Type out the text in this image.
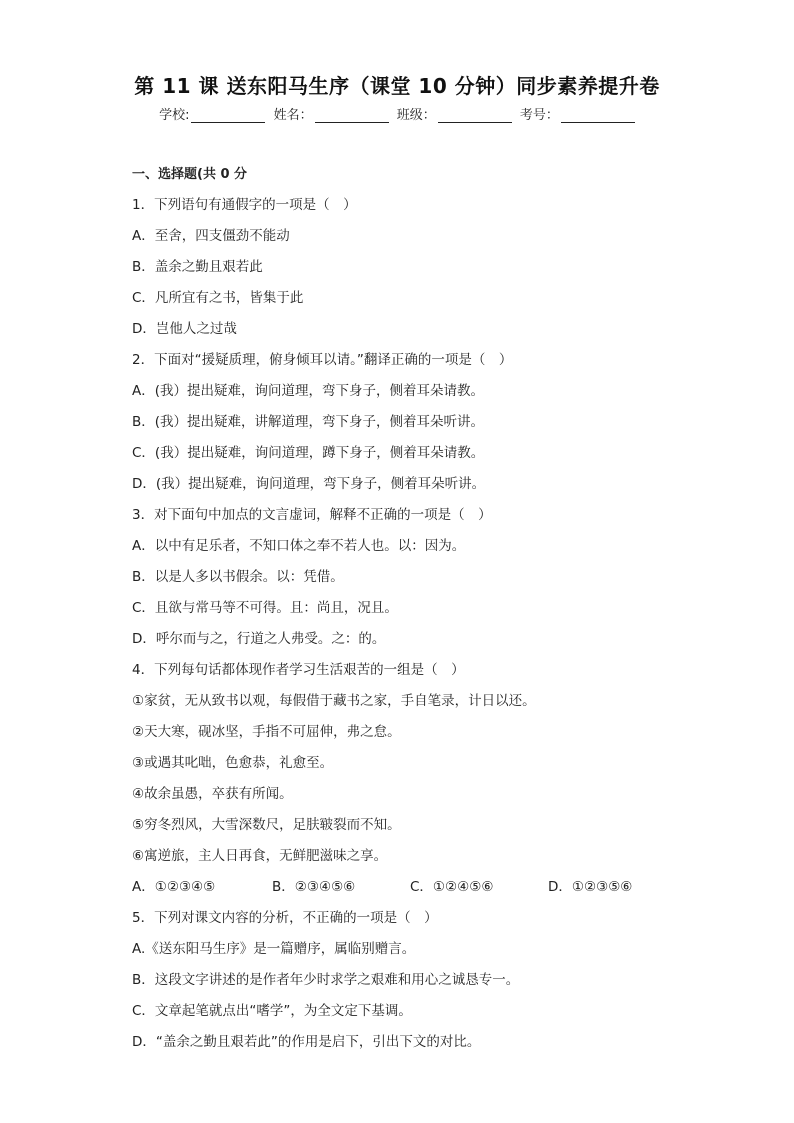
第 11 课 送东阳马生序（课堂 10 分钟）同步素养提升卷
学校:	姓名：	班级：	考号：
一、选择题(共 0 分
1．下列语句有通假字的一项是（　）
A．至舍，四支僵劲不能动
B．盖余之勤且艰若此
C．凡所宜有之书，皆集于此
D．岂他人之过哉
2．下面对“援疑质理，俯身倾耳以请。”翻译正确的一项是（　）
A．(我）提出疑难，询问道理，弯下身子，侧着耳朵请教。
B．(我）提出疑难，讲解道理，弯下身子，侧着耳朵听讲。
C．(我）提出疑难，询问道理，蹲下身子，侧着耳朵请教。
D．(我）提出疑难，询问道理，弯下身子，侧着耳朵听讲。
3．对下面句中加点的文言虚词，解释不正确的一项是（　）
A．以中有足乐者，不知口体之奉不若人也。以：因为。
B．以是人多以书假余。以：凭借。
C．且欲与常马等不可得。且：尚且，况且。
D．呼尔而与之，行道之人弗受。之：的。
4．下列每句话都体现作者学习生活艰苦的一组是（　）
①家贫，无从致书以观，每假借于藏书之家，手自笔录，计日以还。
②天大寒，砚冰坚，手指不可屈伸，弗之怠。
③或遇其叱咄，色愈恭，礼愈至。
④故余虽愚，卒获有所闻。
⑤穷冬烈风，大雪深数尺，足肤皲裂而不知。
⑥寓逆旅，主人日再食，无鲜肥滋味之享。
A．①②③④⑤	B．②③④⑤⑥	C．①②④⑤⑥	D．①②③⑤⑥
5．下列对课文内容的分析，不正确的一项是（　）
A.《送东阳马生序》是一篇赠序，属临别赠言。
B．这段文字讲述的是作者年少时求学之艰难和用心之诚恳专一。
C．文章起笔就点出“嗜学”，为全文定下基调。
D．“盖余之勤且艰若此”的作用是启下，引出下文的对比。
